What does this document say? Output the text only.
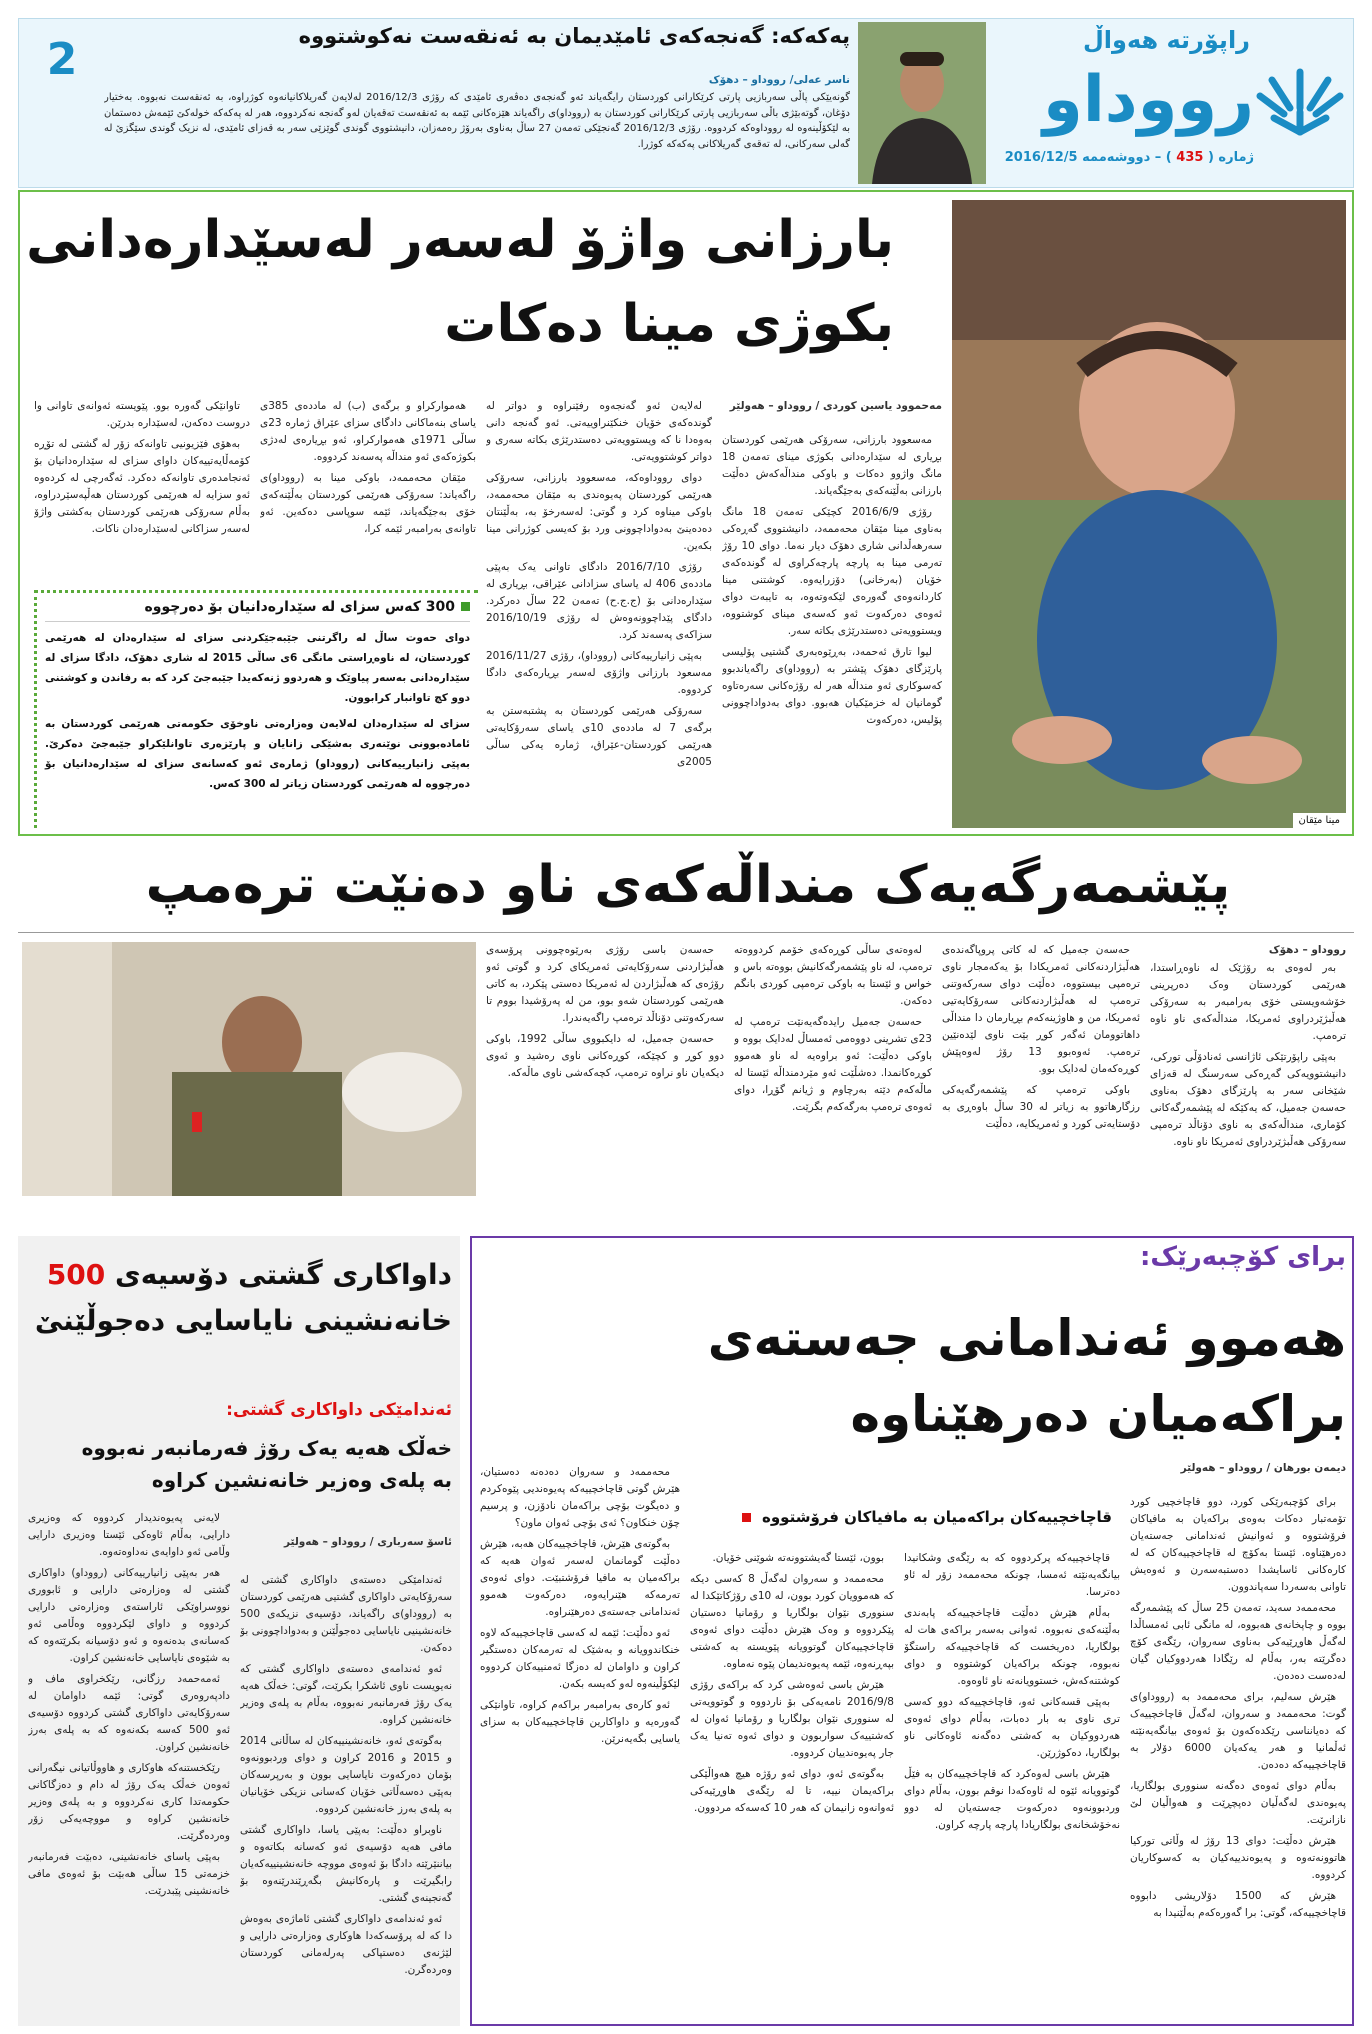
2	پەکەکە: گەنجەکەی ئامێدیمان بە ئەنقەست نەکوشتووە
ناسر عەلی/ رووداو – دهۆک
گونەیێکی پاڵی سەربازیی پارتی کرێکارانی کوردستان رایگەیاند ئەو گەنجەی دەڤەری ئامێدی کە رۆژی 2016/12/3 لەلایەن گەریلاکانیانەوە کوژراوە، بە ئەنقەست نەبووە. بەختیار دۆغان، گوتەبێژی باڵی سەربازیی پارتی کرێکارانی کوردستان بە (رووداو)ی راگەیاند هێزەکانی ئێمە بە ئەنقەست تەقەیان لەو گەنجە نەکردووە، هەر لە پەکەکە خولەکێ ئێمەش دەستمان بە لێکۆڵینەوە لە رووداوەکە کردووە. رۆژی 2016/12/3 گەنجێکی تەمەن 27 ساڵ بەناوی بەرۆژ رەمەزان، دانیشتووی گوندی گوێزێی سەر بە قەزای ئامێدی، لە نزیک گوندی سێگزێ لە گەلی سەرکانی، لە تەقەی گەریلاکانی پەکەکە کوژرا.
راپۆرتە هەواڵ
رووداو
ژمارە ( 435 ) – دووشەممە 2016/12/5
بارزانی واژۆ لەسەر لەسێدارەدانی
بکوژی مینا دەکات
مینا مێقان
مەحموود یاسین کوردی / رووداو – هەولێر

مەسعوود بارزانی، سەرۆکی هەرێمی کوردستان بڕیاری لە سێدارەدانی بکوژی مینای تەمەن 18 مانگ واژوو دەکات و باوکی منداڵەکەش دەڵێت بارزانی بەڵێنەکەی بەجێگەیاند.

رۆژی 2016/6/9 کچێکی تەمەن 18 مانگ بەناوی مینا مێقان محەممەد، دانیشتووی گەڕەکی سەرهەڵدانی شاری دهۆک دیار نەما. دوای 10 رۆژ تەرمی مینا بە پارچە پارچەکراوی لە گوندەکەی خۆیان (بەرخانی) دۆزرایەوە. کوشتنی مینا کاردانەوەی گەورەی لێکەوتەوە، بە تایبەت دوای ئەوەی دەرکەوت ئەو کەسەی مینای کوشتووە، ویستوویەتی دەستدرێژی بکاتە سەر.

لیوا تارق ئەحمەد، بەڕێوەبەری گشتیی پۆلیسی پارێزگای دهۆک پێشتر بە (رووداو)ی راگەیاندبوو کەسوکاری ئەو منداڵە هەر لە رۆژەکانی سەرەتاوە گومانیان لە خزمێکیان هەبوو. دوای بەدواداچوونی پۆلیس، دەرکەوت

لەلایەن ئەو گەنجەوە رفێنراوە و دواتر لە گوندەکەی خۆیان خنکێنراوییەتی. ئەو گەنجە دانی بەوەدا نا کە ویستوویەتی دەستدرێژی بکاتە سەری و دواتر کوشتوویەتی.

دوای رووداوەکە، مەسعوود بارزانی، سەرۆکی هەرێمی کوردستان پەیوەندی بە مێقان محەممەد، باوکی میناوە کرد و گوتی: لەسەرخۆ بە، بەڵێنتان دەدەینێ بەدواداچوونی ورد بۆ کەیسی کوژرانی مینا بکەین.

رۆژی 2016/7/10 دادگای تاوانی یەک بەپێی ماددەی 406 لە یاسای سزادانی عێراقی، بڕیاری لە سێدارەدانی بۆ (ج.ج.ح) تەمەن 22 ساڵ دەرکرد. دادگای پێداچوونەوەش لە رۆژی 2016/10/19 سزاکەی پەسەند کرد.

بەپێی زانیارییەکانی (رووداو)، رۆژی 2016/11/27 مەسعود بارزانی واژۆی لەسەر بڕیارەکەی دادگا کردووە.

سەرۆکی هەرێمی کوردستان بە پشتبەستن بە برگەی 7 لە ماددەی 10ی یاسای سەرۆکایەتی هەرێمی کوردستان-عێراق، ژمارە یەکی ساڵی 2005ی

هەموارکراو و برگەی (ب) لە ماددەی 385ی یاسای بنەماکانی دادگای سزای عێراق ژمارە 23ی ساڵی 1971ی هەموارکراو، ئەو بڕیارەی لەدژی بکوژەکەی ئەو منداڵە پەسەند کردووە.

مێقان محەممەد، باوکی مینا بە (رووداو)ی راگەیاند: سەرۆکی هەرێمی کوردستان بەڵێنەکەی خۆی بەجێگەیاند، ئێمە سوپاسی دەکەین. ئەو تاوانەی بەرامبەر ئێمە کرا،

تاوانێکی گەورە بوو. پێویستە ئەوانەی تاوانی وا دروست دەکەن، لەسێدارە بدرێن.

بەهۆی فێزیونیی تاوانەکە زۆر لە گشتی لە تۆڕە کۆمەڵایەتییەکان داوای سزای لە سێدارەدانیان بۆ ئەنجامدەری تاوانەکە دەکرد. ئەگەرچی لە کردەوە ئەو سزایە لە هەرێمی کوردستان هەڵپەسێردراوە، بەڵام سەرۆکی هەرێمی کوردستان بەکشتی واژۆ لەسەر سزاکانی لەسێدارەدان ناکات.

300 کەس سزای لە سێدارەدانیان بۆ دەرچووە

دوای حەوت ساڵ لە راگرتنی جێبەجێکردنی سزای لە سێدارەدان لە هەرێمی کوردستان، لە ناوەڕاستی مانگی 6ی ساڵی 2015 لە شاری دهۆک، دادگا سزای لە سێدارەدانی بەسەر پیاوێک و هەردوو ژنەکەیدا جێبەجێ کرد کە بە رفاندن و کوشتنی دوو کچ تاوانبار کرابوون.

سزای لە سێدارەدان لەلایەن وەزارەتی ناوخۆی حکومەتی هەرێمی کوردستان بە ئامادەبوونی نوێنەری بەشێکی زانایان و پارێزەری تاوانلێکراو جێبەجێ دەکرێ. بەپێی زانیارییەکانی (رووداو) ژمارەی ئەو کەسانەی سزای لە سێدارەدانیان بۆ دەرچووە لە هەرێمی کوردستان زیاتر لە 300 کەس.

پێشمەرگەیەک منداڵەکەی ناو دەنێت ترەمپ
رووداو – دهۆک

بەر لەوەی بە رۆژێک لە ناوەڕاستدا، هەرێمی کوردستان وەک دەرپرینی خۆشەویستی خۆی بەرامبەر بە سەرۆکی هەڵبژێردراوی ئەمریکا، منداڵەکەی ناو ناوە ترەمپ.

بەپێی راپۆرتێکی ئاژانسی ئەنادۆڵی تورکی، دانیشتوویەکی گەڕەکی سەرسنگ لە قەزای شێخانی سەر بە پارێزگای دهۆک بەناوی حەسەن جەمیل، کە یەکێکە لە پێشمەرگەکانی کۆماری، منداڵەکەی بە ناوی دۆناڵد ترەمپی سەرۆکی هەڵبژێردراوی ئەمریکا ناو ناوە.

حەسەن جەمیل کە لە کاتی پروپاگەندەی هەڵبژاردنەکانی ئەمریکادا بۆ یەکەمجار ناوی ترەمپی بیستووە، دەڵێت دوای سەرکەوتنی ترەمپ لە هەڵبژاردنەکانی سەرۆکایەتیی ئەمریکا، من و هاوژینەکەم بڕیارمان دا منداڵی داهاتوومان ئەگەر کوڕ بێت ناوی لێدەنێین ترەمپ. ئەوەبوو 13 رۆژ لەوەپێش کوڕەکەمان لەدایک بوو.

باوکی ترەمپ کە پێشمەرگەیەکی رزگارهاتوو بە زیاتر لە 30 ساڵ باوەڕی بە دۆستایەتی کورد و ئەمریکایە، دەڵێت

لەوەتەی ساڵی کوڕەکەی خۆمم کردووەتە ترەمپ، لە ناو پێشمەرگەکانیش بووەتە باس و خواس و ئێستا بە باوکی ترەمپی کوردی بانگم دەکەن.

حەسەن جەمیل رایدەگەیەنێت ترەمپ لە 23ی تشرینی دووەمی ئەمساڵ لەدایک بووە و باوکی دەڵێت: ئەو براوەیە لە ناو هەموو کوڕەکانمدا. دەشڵێت ئەو مێردمنداڵە ئێستا لە ماڵەکەم دێتە بەرچاوم و ژیانم گۆڕا، دوای ئەوەی ترەمپ بەرگەکەم بگرێت.

حەسەن باسی رۆژی بەرێوەچوونی پرۆسەی هەڵبژاردنی سەرۆکایەتی ئەمریکای کرد و گوتی ئەو رۆژەی کە هەڵبژاردن لە ئەمریکا دەستی پێکرد، بە کاتی هەرێمی کوردستان شەو بوو، من لە پەرۆشیدا بووم تا سەرکەوتنی دۆناڵد ترەمپ راگەیەندرا.

حەسەن جەمیل، لە دایکبووی ساڵی 1992، باوکی دوو کوڕ و کچێکە، کوڕەکانی ناوی رەشید و ئەوی دیکەیان ناو نراوە ترەمپ، کچەکەشی ناوی ماڵەکە.

برای کۆچبەرێک:
هەموو ئەندامانی جەستەی
براکەمیان دەرهێناوە
دیمەن بورهان / رووداو – هەولێر
قاچاخچییەکان براکەمیان بە مافیاکان فرۆشتووە

برای کۆچبەرێکی کورد، دوو قاچاخچیی کورد تۆمەتبار دەکات بەوەی براکەیان بە مافیاکان فرۆشتووە و ئەوانیش ئەندامانی جەستەیان دەرهێناوە. ئێستا بەکۆچ لە قاچاخچییەکان کە لە کارەکانی ئاسایشدا دەستبەسەرن و ئەوەیش تاوانی بەسەردا سەپاندوون.

محەممەد سەید، تەمەن 25 ساڵ کە پێشمەرگە بووە و چاپخانەی هەبووە، لە مانگی ئابی ئەمساڵدا لەگەڵ هاوڕێیەکی بەناوی سەروان، رێگەی کۆچ دەگرێتە بەر، بەڵام لە رێگادا هەردووکیان گیان لەدەست دەدەن.

هێرش سەلیم، برای محەممەد بە (رووداو)ی گوت: محەممەد و سەروان، لەگەڵ قاچاخچییەک کە دەیانناسی رێکدەکەون بۆ ئەوەی بیانگەیەنێتە ئەڵمانیا و هەر یەکەیان 6000 دۆلار بە قاچاخچییەکە دەدەن.

بەڵام دوای ئەوەی دەگەنە سنووری بولگاریا، پەیوەندی لەگەڵیان دەپچڕێت و هەواڵیان لێ نازانرێت.

هێرش دەڵێت: دوای 13 رۆژ لە وڵاتی تورکیا هاتوونەتەوە و پەیوەندییەکیان بە کەسوکاریان کردووە.

هێرش کە 1500 دۆلاریشی دابووە قاچاخچییەکە، گوتی: برا گەورەکەم بەڵێنیدا بە

قاچاخچییەکە پرکردووە کە بە رێگەی وشکانیدا بیانگەیەنێتە ئەمسا، چونکە محەممەد زۆر لە ئاو دەترسا.

بەڵام هێرش دەڵێت قاچاخچییەکە پابەندی بەڵێنەکەی نەبووە. ئەوانی بەسەر براکەی هات لە بولگاریا، دەریخست کە قاچاخچییەکە راستگۆ نەبووە، چونکە براکەیان کوشتووە و دوای کوشتنەکەش، خستوویانەتە ناو ئاوەوە.

بەپێی قسەکانی ئەو، قاچاخچییەکە دوو کەسی تری ناوی بە بار دەبات، بەڵام دوای ئەوەی هەردووکیان بە کەشتی دەگەنە ئاوەکانی ناو بولگاریا، دەکوژرێن.

هێرش باسی لەوەکرد کە قاچاخچییەکان بە فێڵ گوتوویانە ئێوە لە ئاوەکەدا نوقم بوون، بەڵام دوای وردبوونەوە دەرکەوت جەستەیان لە دوو نەخۆشخانەی بولگاریادا پارچە پارچە کراون.

بوون، ئێستا گەیشتوونەتە شوێنی خۆیان.

محەممەد و سەروان لەگەڵ 8 کەسی دیکە کە هەموویان کورد بوون، لە 10ی رۆژکاتێکدا لە سنووری نێوان بولگاریا و رۆمانیا دەستیان پێکردووە و وەک هێرش دەڵێت دوای ئەوەی قاچاخچییەکان گوتوویانە پێویستە بە کەشتی بپەڕنەوە، ئێمە پەیوەندیمان پێوە نەماوە.

هێرش باسی ئەوەشی کرد کە براکەی رۆژی 2016/9/8 نامەیەکی بۆ ناردووە و گوتوویەتی لە سنووری نێوان بولگاریا و رۆمانیا ئەوان لە کەشتییەک سواربوون و دوای ئەوە تەنیا یەک جار پەیوەندییان کردووە.

بەگوتەی ئەو، دوای ئەو رۆژە هیچ هەواڵێکی براکەیمان نییە، تا لە رێگەی هاوڕێیەکی ئەوانەوە زانیمان کە هەر 10 کەسەکە مردوون.

محەممەد و سەروان دەدەنە دەستیان، هێرش گوتی قاچاخچییەکە پەیوەندیی پێوەکردم و دەیگوت بۆچی براکەمان نادۆزن، و پرسیم چۆن خنکاون؟ ئەی بۆچی ئەوان ماون؟

بەگوتەی هێرش، قاچاخچییەکان هەبە، هێرش دەڵێت گومانمان لەسەر ئەوان هەیە کە براکەمیان بە مافیا فرۆشتبێت. دوای ئەوەی تەرمەکە هێنرایەوە، دەرکەوت هەموو ئەندامانی جەستەی دەرهێنراوە.

ئەو دەڵێت: ئێمە لە کەسی قاچاخچییەکە لاوە خنکاندوویانە و بەشێک لە تەرمەکان دەستگیر کراون و داوامان لە دەزگا ئەمنییەکان کردووە لێکۆڵینەوە لەو کەیسە بکەن.

ئەو کارەی بەرامبەر براکەم کراوە، تاوانێکی گەورەیە و داواکارین قاچاخچییەکان بە سزای یاسایی بگەیەنرێن.

داواکاری گشتی دۆسیەی 500
خانەنشینی نایاسایی دەجوڵێنێ
ئەندامێکی داواکاری گشتی:
خەڵک هەیە یەک رۆژ فەرمانبەر نەبووە
بە پلەی وەزیر خانەنشین کراوە
ئاسۆ سەرباری / رووداو – هەولێر

لایەنی پەیوەندیدار کردووە کە وەزیری دارایی، بەڵام ئاوەکی ئێستا وەزیری دارایی وڵامی ئەو داوایەی نەداوەتەوە.

هەر بەپێی زانیارییەکانی (رووداو) داواکاری گشتی لە وەزارەتی دارایی و ئابووری نووسراوێکی ئاراستەی وەزارەتی دارایی کردووە و داوای لێکردووە وەڵامی ئەو کەسانەی بدەنەوە و ئەو دۆسیانە بکرێتەوە کە بە شێوەی نایاسایی خانەنشین کراون.

ئەمەحمەد رزگانی، رێکخراوی ماف و دادپەروەری گوتی: ئێمە داوامان لە سەرۆکایەتی داواکاری گشتی کردووە دۆسیەی ئەو 500 کەسە بکەنەوە کە بە پلەی بەرز خانەنشین کراون.

رێکخستنەکە هاوکاری و هاووڵاتیانی نیگەرانی ئەوەن خەڵک یەک رۆژ لە دام و دەزگاکانی حکومەتدا کاری نەکردووە و بە پلەی وەزیر خانەنشین کراوە و مووچەیەکی زۆر وەردەگرێت.

بەپێی یاسای خانەنشینی، دەبێت فەرمانبەر خزمەتی 15 ساڵی هەبێت بۆ ئەوەی مافی خانەنشینی پێبدرێت.

ئەندامێکی دەستەی داواکاری گشتی لە سەرۆکایەتی داواکاری گشتیی هەرێمی کوردستان بە (رووداو)ی راگەیاند، دۆسیەی نزیکەی 500 خانەنشینیی نایاسایی دەجوڵێنن و بەدواداچوونی بۆ دەکەن.

ئەو ئەندامەی دەستەی داواکاری گشتی کە نەیویست ناوی ئاشکرا بکرێت، گوتی: خەڵک هەیە یەک رۆژ فەرمانبەر نەبووە، بەڵام بە پلەی وەزیر خانەنشین کراوە.

بەگوتەی ئەو، خانەنشینییەکان لە ساڵانی 2014 و 2015 و 2016 کراون و دوای وردبوونەوە بۆمان دەرکەوت نایاسایی بوون و بەرپرسەکان بەپێی دەسەڵاتی خۆیان کەسانی نزیکی خۆیانیان بە پلەی بەرز خانەنشین کردووە.

ناوبراو دەڵێت: بەپێی یاسا، داواکاری گشتی مافی هەیە دۆسیەی ئەو کەسانە بکاتەوە و بیاننێرێتە دادگا بۆ ئەوەی مووچە خانەنشینییەکەیان رابگیرێت و پارەکانیش بگەڕێندرێنەوە بۆ گەنجینەی گشتی.

ئەو ئەندامەی داواکاری گشتی ئاماژەی بەوەش دا کە لە پرۆسەکەدا هاوکاری وەزارەتی دارایی و لێژنەی دەستپاکی پەرلەمانی کوردستان وەردەگرن.
